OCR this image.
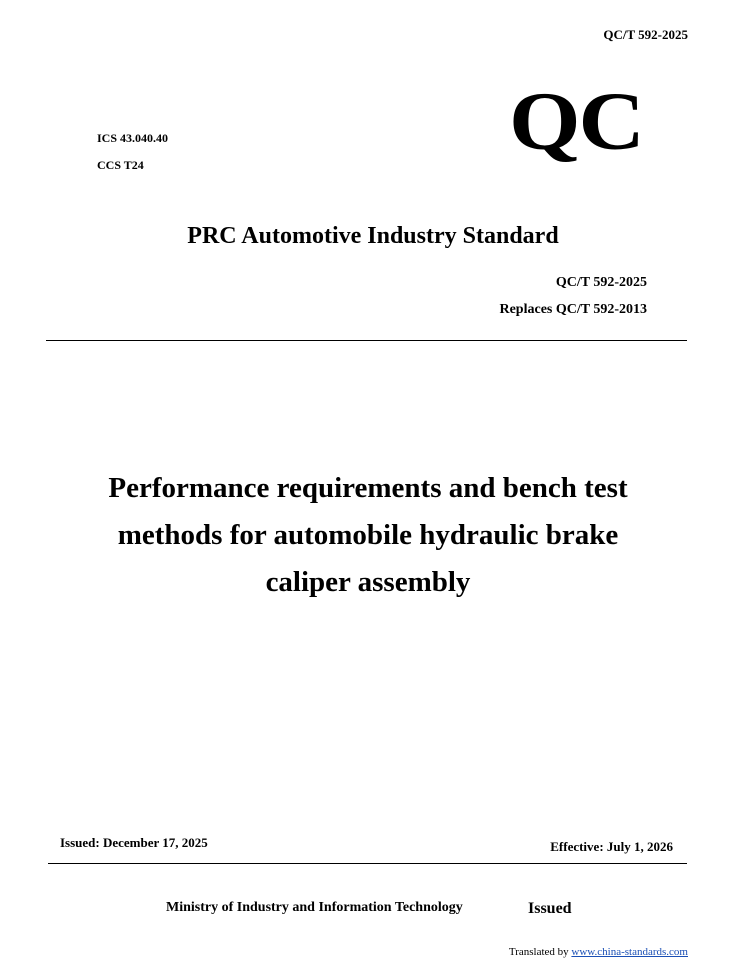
QC/T 592-2025
ICS 43.040.40
CCS T24	QC
PRC Automotive Industry Standard
QC/T 592-2025
Replaces QC/T 592-2013
Performance requirements and bench test
methods for automobile hydraulic brake
caliper assembly
Issued: December 17, 2025	Effective: July 1, 2026
Ministry of Industry and Information Technology	Issued
Translated by www.china-standards.com
